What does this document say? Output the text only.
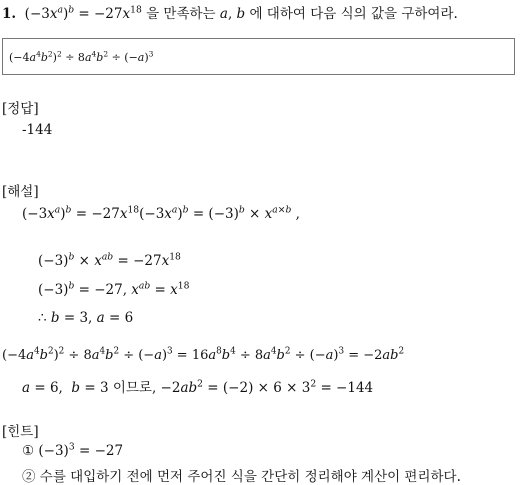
1.  $(-3x^a)^b = -27x^{18}$ 을 만족하는 a, b 에 대하여 다음 식의 값을 구하여라.
$(-4a^4b^2)^2 \div 8a^4b^2 \div (-a)^3$
[정답]
-144
[해설]
$(-3x^a)^b = -27x^{18}(-3x^a)^b = (-3)^b \times x^{a\times b}$ ,
$(-3)^b \times x^{ab} = -27x^{18}$
$(-3)^b = -27$, $x^{ab} = x^{18}$
∴ b = 3, a = 6
$(-4a^4b^2)^2 \div 8a^4b^2 \div (-a)^3 = 16a^8b^4 \div 8a^4b^2 \div (-a)^3 = -2ab^2$
a = 6,  b = 3 이므로, $-2ab^2 = (-2) \times 6 \times 3^2 = -144$
[힌트]
① $(-3)^3 = -27$
② 수를 대입하기 전에 먼저 주어진 식을 간단히 정리해야 계산이 편리하다.
